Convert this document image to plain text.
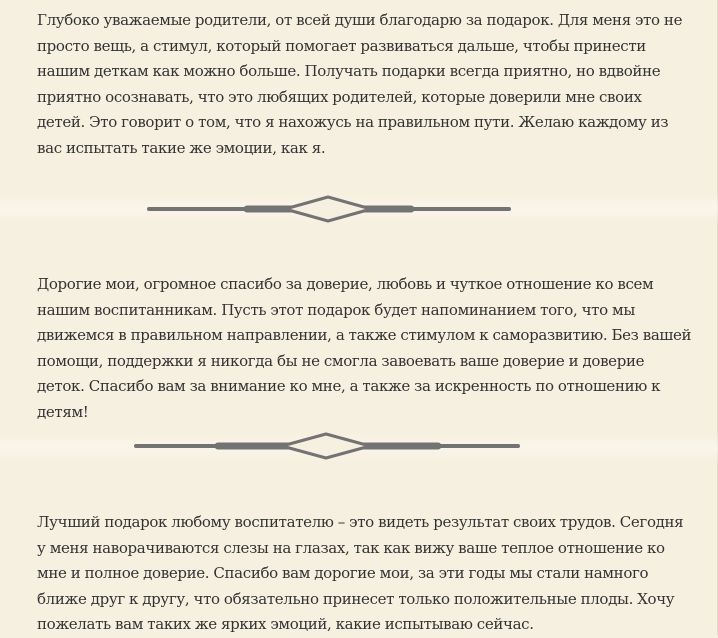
Глубоко уважаемые родители, от всей души благодарю за подарок. Для меня это не просто вещь, а стимул, который помогает развиваться дальше, чтобы принести нашим деткам как можно больше. Получать подарки всегда приятно, но вдвойне приятно осознавать, что это любящих родителей, которые доверили мне своих детей. Это говорит о том, что я нахожусь на правильном пути. Желаю каждому из вас испытать такие же эмоции, как я.

Дорогие мои, огромное спасибо за доверие, любовь и чуткое отношение ко всем нашим воспитанникам. Пусть этот подарок будет напоминанием того, что мы движемся в правильном направлении, а также стимулом к саморазвитию. Без вашей помощи, поддержки я никогда бы не смогла завоевать ваше доверие и доверие деток. Спасибо вам за внимание ко мне, а также за искренность по отношению к детям!

Лучший подарок любому воспитателю – это видеть результат своих трудов. Сегодня у меня наворачиваются слезы на глазах, так как вижу ваше теплое отношение ко мне и полное доверие. Спасибо вам дорогие мои, за эти годы мы стали намного ближе друг к другу, что обязательно принесет только положительные плоды. Хочу пожелать вам таких же ярких эмоций, какие испытываю сейчас.
